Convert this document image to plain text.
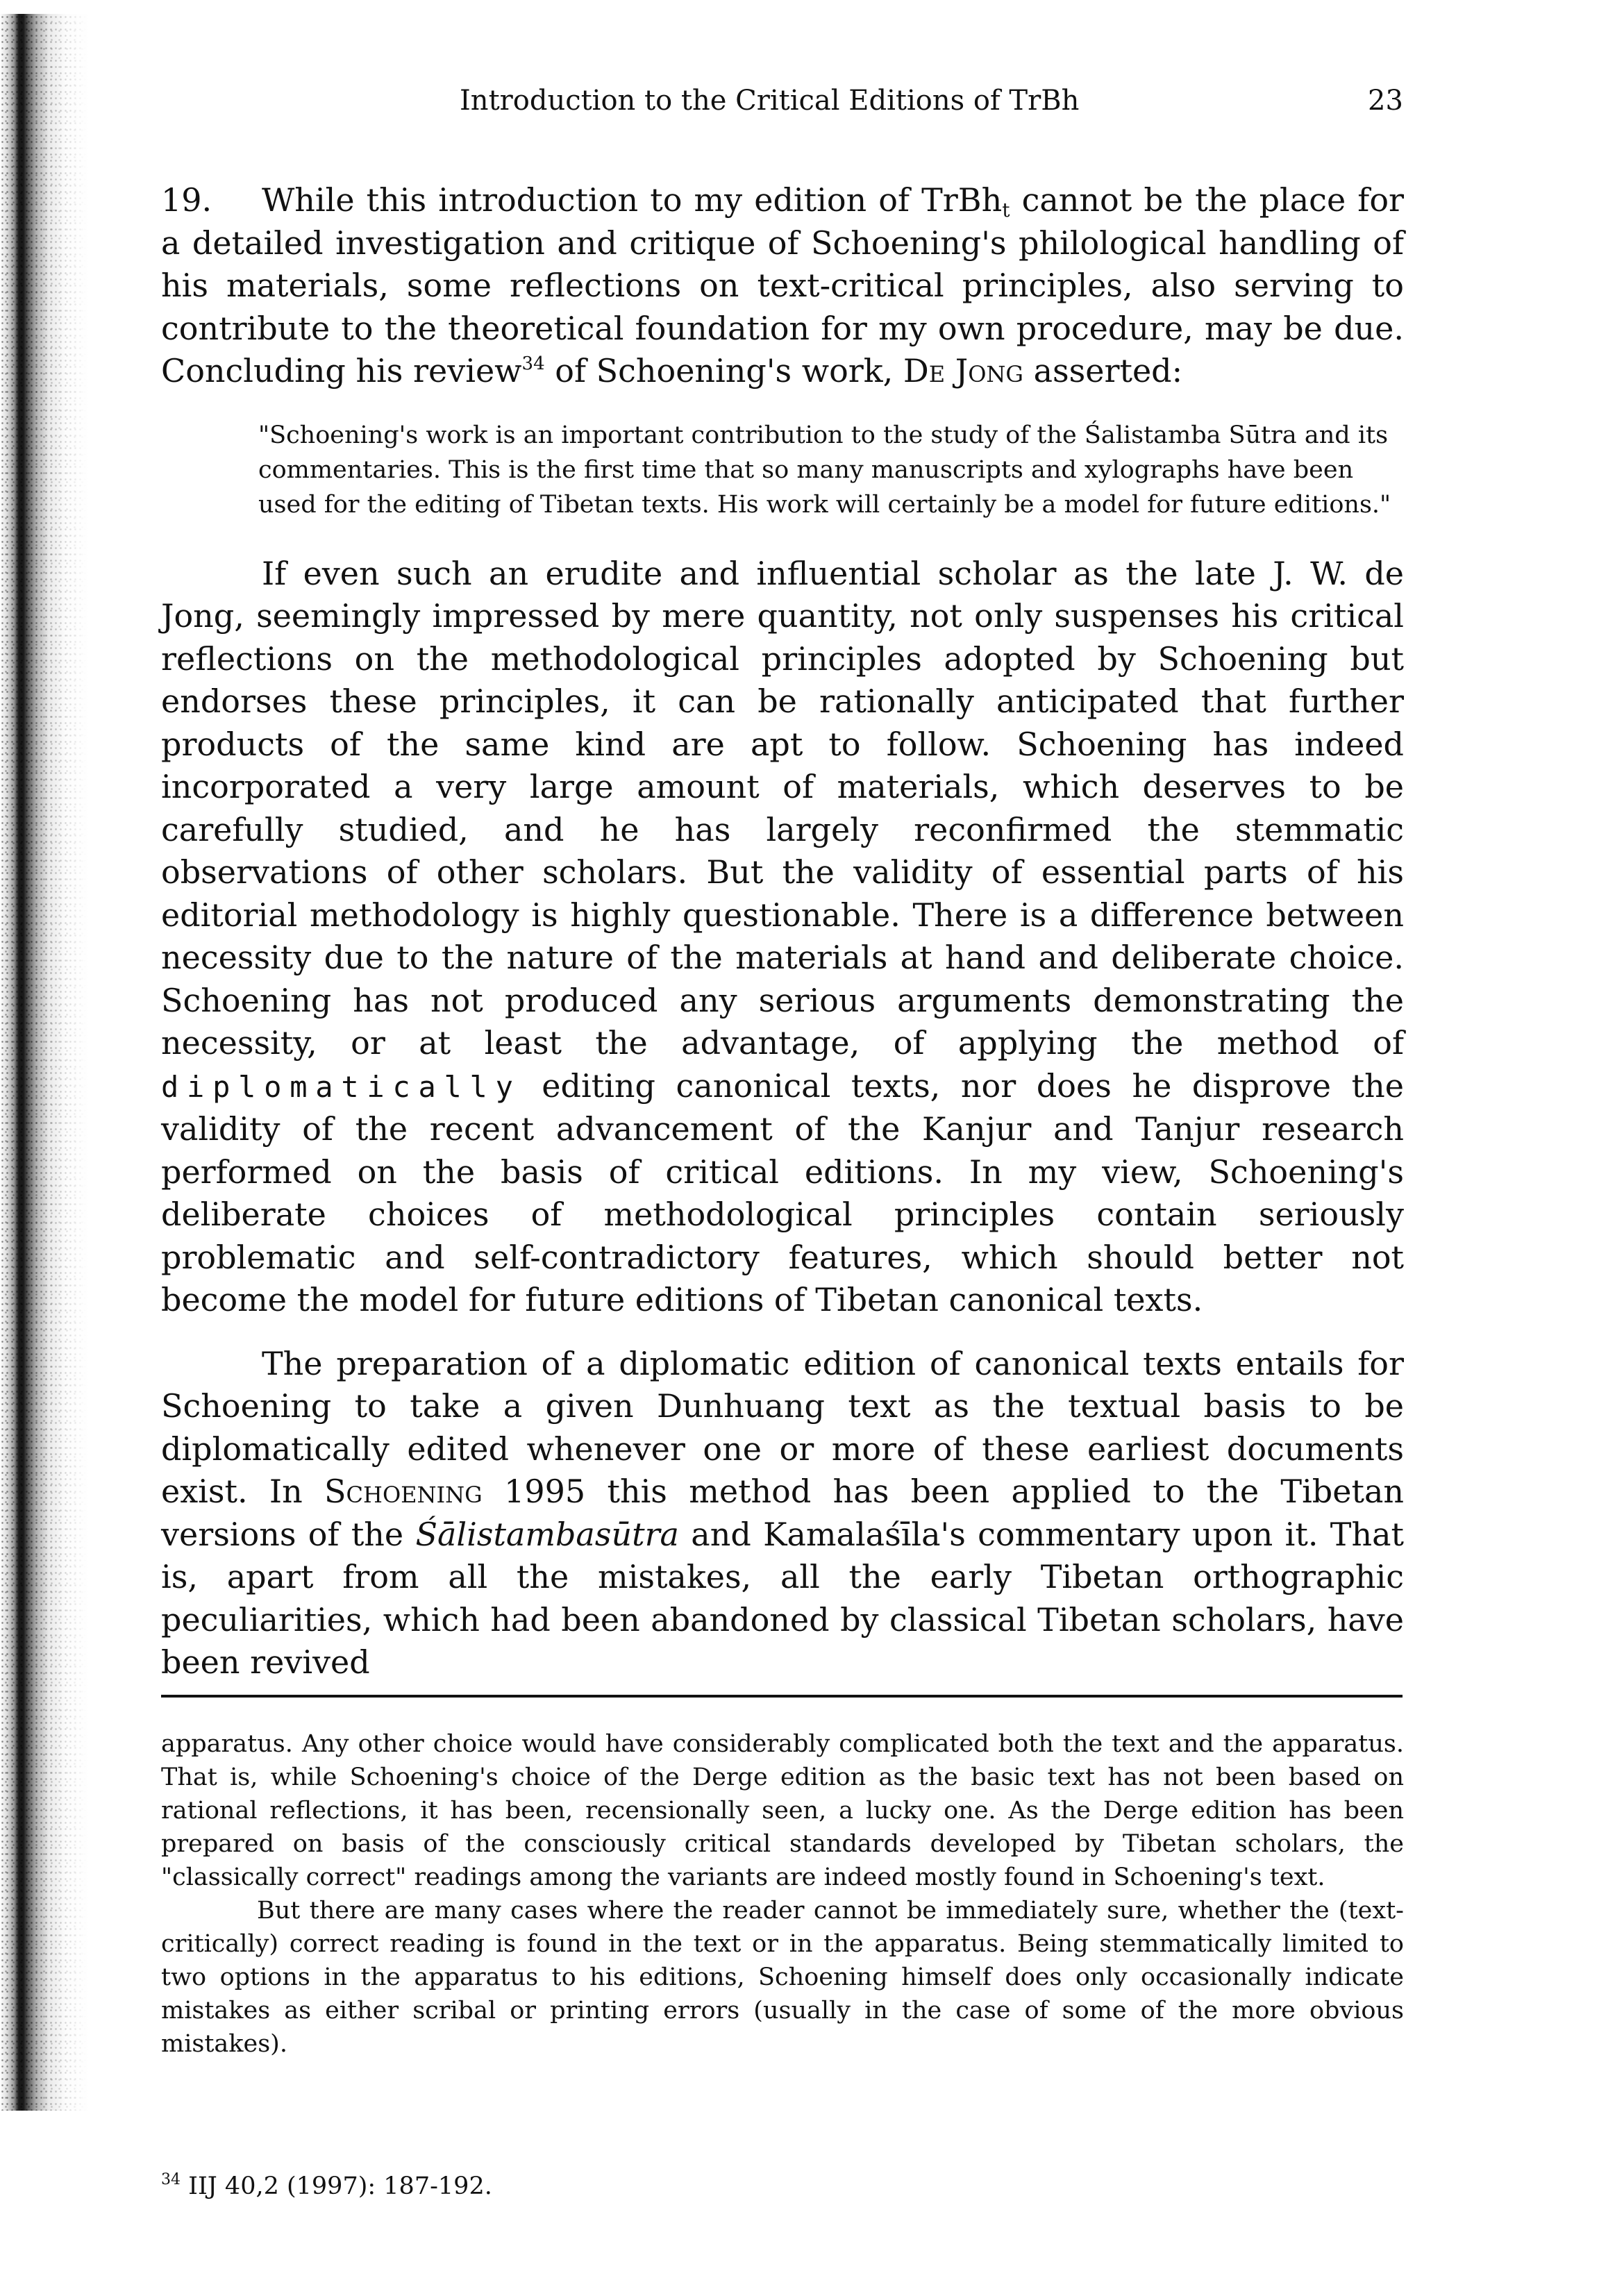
Introduction to the Critical Editions of TrBh	23

19. While this introduction to my edition of TrBh$_t$ cannot be the place for a detailed investigation and critique of Schoening's philological handling of his materials, some reflections on text-critical principles, also serving to contribute to the theoretical foundation for my own procedure, may be due. Concluding his review$^{34}$ of Schoening's work, De Jong asserted:

"Schoening's work is an important contribution to the study of the Śalistamba Sūtra and its commentaries. This is the first time that so many manuscripts and xylographs have been used for the editing of Tibetan texts. His work will certainly be a model for future editions."

If even such an erudite and influential scholar as the late J. W. de Jong, seemingly impressed by mere quantity, not only suspenses his critical reflections on the methodological principles adopted by Schoening but endorses these principles, it can be rationally anticipated that further products of the same kind are apt to follow. Schoening has indeed incorporated a very large amount of materials, which deserves to be carefully studied, and he has largely reconfirmed the stemmatic observations of other scholars. But the validity of essential parts of his editorial methodology is highly questionable. There is a difference between necessity due to the nature of the materials at hand and deliberate choice. Schoening has not produced any serious arguments demonstrating the necessity, or at least the advantage, of applying the method of diplomatically editing canonical texts, nor does he disprove the validity of the recent advancement of the Kanjur and Tanjur research performed on the basis of critical editions. In my view, Schoening's deliberate choices of methodological principles contain seriously problematic and self-contradictory features, which should better not become the model for future editions of Tibetan canonical texts.

The preparation of a diplomatic edition of canonical texts entails for Schoening to take a given Dunhuang text as the textual basis to be diplomatically edited whenever one or more of these earliest documents exist. In Schoening 1995 this method has been applied to the Tibetan versions of the Śālistambasūtra and Kamalaśīla's commentary upon it. That is, apart from all the mistakes, all the early Tibetan orthographic peculiarities, which had been abandoned by classical Tibetan scholars, have been revived

apparatus. Any other choice would have considerably complicated both the text and the apparatus. That is, while Schoening's choice of the Derge edition as the basic text has not been based on rational reflections, it has been, recensionally seen, a lucky one. As the Derge edition has been prepared on basis of the consciously critical standards developed by Tibetan scholars, the "classically correct" readings among the variants are indeed mostly found in Schoening's text.

But there are many cases where the reader cannot be immediately sure, whether the (text-critically) correct reading is found in the text or in the apparatus. Being stemmatically limited to two options in the apparatus to his editions, Schoening himself does only occasionally indicate mistakes as either scribal or printing errors (usually in the case of some of the more obvious mistakes).

$^{34}$ IIJ 40,2 (1997): 187-192.
